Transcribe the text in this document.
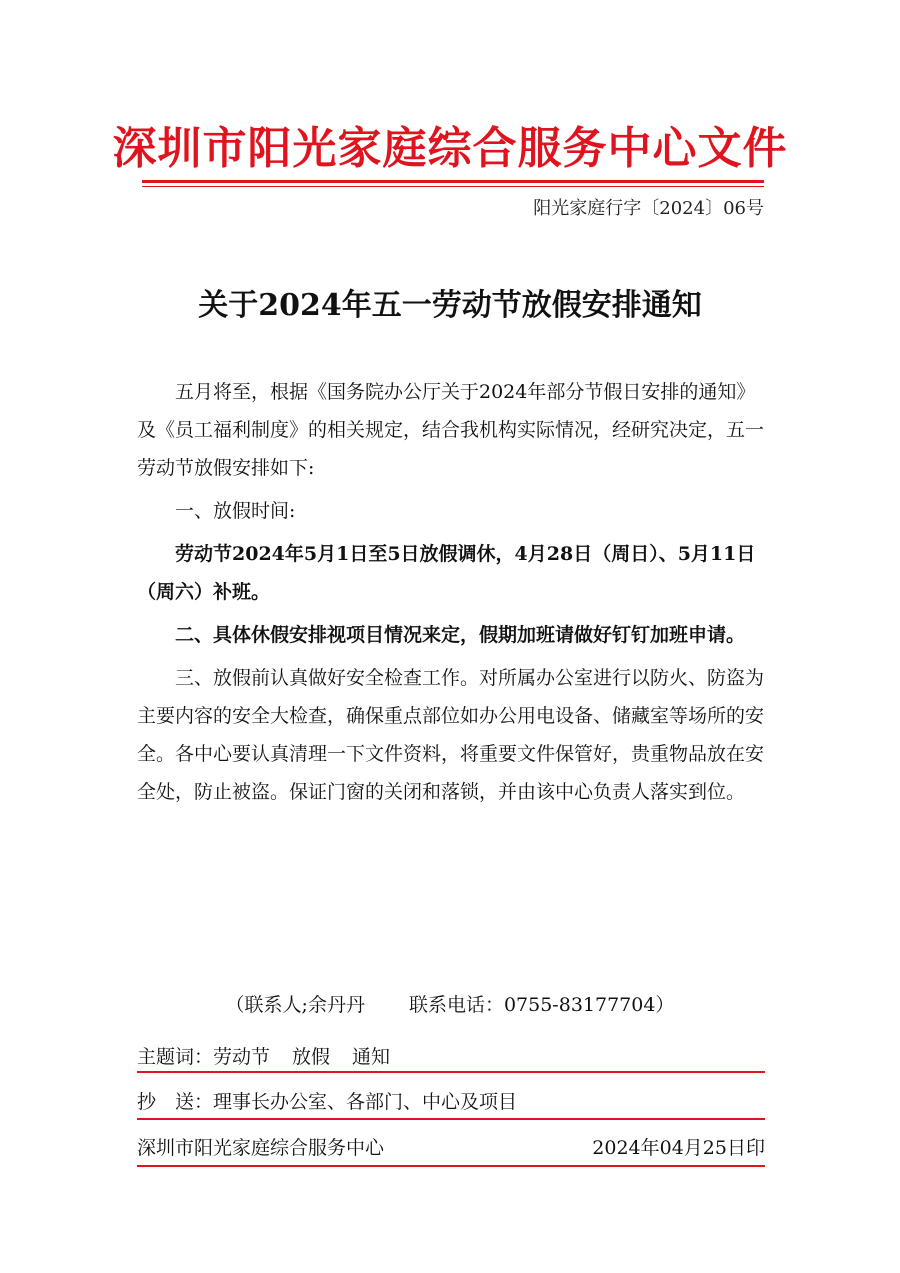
深圳市阳光家庭综合服务中心文件
阳光家庭行字〔2024〕06号
关于2024年五一劳动节放假安排通知

五月将至，根据《国务院办公厅关于2024年部分节假日安排的通知》及《员工福利制度》的相关规定，结合我机构实际情况，经研究决定，五一劳动节放假安排如下:

一、放假时间:

劳动节2024年5月1日至5日放假调休，4月28日（周日）、5月11日（周六）补班。

二、具体休假安排视项目情况来定，假期加班请做好钉钉加班申请。

三、放假前认真做好安全检查工作。对所属办公室进行以防火、防盗为主要内容的安全大检查，确保重点部位如办公用电设备、储藏室等场所的安全。各中心要认真清理一下文件资料，将重要文件保管好，贵重物品放在安全处，防止被盗。保证门窗的关闭和落锁，并由该中心负责人落实到位。

（联系人;余丹丹 联系电话：0755-83177704）
主题词：劳动节 放假 通知
抄　送：理事长办公室、各部门、中心及项目
深圳市阳光家庭综合服务中心	2024年04月25日印
